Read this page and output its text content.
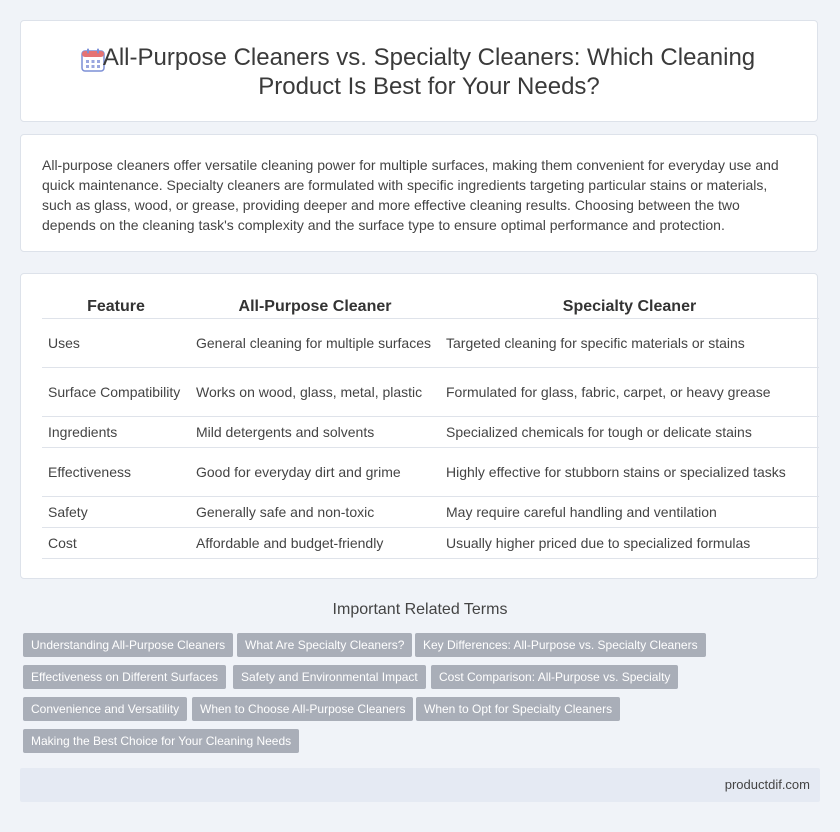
All-Purpose Cleaners vs. Specialty Cleaners: Which Cleaning Product Is Best for Your Needs?

All-purpose cleaners offer versatile cleaning power for multiple surfaces, making them convenient for everyday use and quick maintenance. Specialty cleaners are formulated with specific ingredients targeting particular stains or materials, such as glass, wood, or grease, providing deeper and more effective cleaning results. Choosing between the two depends on the cleaning task's complexity and the surface type to ensure optimal performance and protection.

Feature	All-Purpose Cleaner	Specialty Cleaner
Uses	General cleaning for multiple surfaces	Targeted cleaning for specific materials or stains
Surface Compatibility	Works on wood, glass, metal, plastic	Formulated for glass, fabric, carpet, or heavy grease
Ingredients	Mild detergents and solvents	Specialized chemicals for tough or delicate stains
Effectiveness	Good for everyday dirt and grime	Highly effective for stubborn stains or specialized tasks
Safety	Generally safe and non-toxic	May require careful handling and ventilation
Cost	Affordable and budget-friendly	Usually higher priced due to specialized formulas
Important Related Terms
Understanding All-Purpose Cleaners	What Are Specialty Cleaners?	Key Differences: All-Purpose vs. Specialty Cleaners
Effectiveness on Different Surfaces	Safety and Environmental Impact	Cost Comparison: All-Purpose vs. Specialty
Convenience and Versatility	When to Choose All-Purpose Cleaners	When to Opt for Specialty Cleaners
Making the Best Choice for Your Cleaning Needs
productdif.com
